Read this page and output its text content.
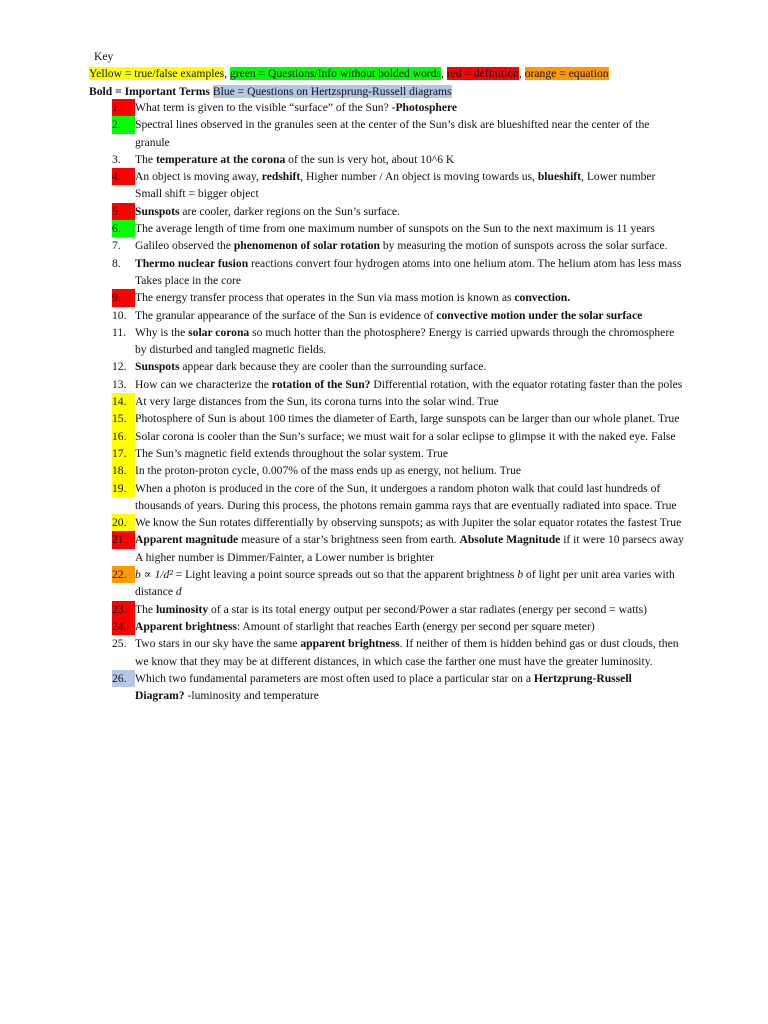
Key
Yellow = true/false examples, green = Questions/Info without bolded words, red = definition, orange = equation
Bold = Important Terms Blue = Questions on Hertzsprung-Russell diagrams
1.	What term is given to the visible “surface” of the Sun? -Photosphere
2.	Spectral lines observed in the granules seen at the center of the Sun’s disk are blueshifted near the center of the granule
3.	The temperature at the corona of the sun is very hot, about 10^6 K
4.	An object is moving away, redshift, Higher number / An object is moving towards us, blueshift, Lower number
Small shift = bigger object
5.	Sunspots are cooler, darker regions on the Sun’s surface.
6.	The average length of time from one maximum number of sunspots on the Sun to the next maximum is 11 years
7.	Galileo observed the phenomenon of solar rotation by measuring the motion of sunspots across the solar surface.
8.	Thermo nuclear fusion reactions convert four hydrogen atoms into one helium atom. The helium atom has less mass
Takes place in the core
9.	The energy transfer process that operates in the Sun via mass motion is known as convection.
10. The granular appearance of the surface of the Sun is evidence of convective motion under the solar surface
11. Why is the solar corona so much hotter than the photosphere? Energy is carried upwards through the chromosphere by disturbed and tangled magnetic fields.
12. Sunspots appear dark because they are cooler than the surrounding surface.
13. How can we characterize the rotation of the Sun? Differential rotation, with the equator rotating faster than the poles
14. At very large distances from the Sun, its corona turns into the solar wind. True
15. Photosphere of Sun is about 100 times the diameter of Earth, large sunspots can be larger than our whole planet. True
16. Solar corona is cooler than the Sun’s surface; we must wait for a solar eclipse to glimpse it with the naked eye. False
17. The Sun’s magnetic field extends throughout the solar system. True
18. In the proton-proton cycle, 0.007% of the mass ends up as energy, not helium. True
19. When a photon is produced in the core of the Sun, it undergoes a random photon walk that could last hundreds of thousands of years. During this process, the photons remain gamma rays that are eventually radiated into space. True
20. We know the Sun rotates differentially by observing sunspots; as with Jupiter the solar equator rotates the fastest True
21. Apparent magnitude measure of a star’s brightness seen from earth. Absolute Magnitude if it were 10 parsecs away
A higher number is Dimmer/Fainter, a Lower number is brighter
22. b ∝ 1/d² = Light leaving a point source spreads out so that the apparent brightness b of light per unit area varies with distance d
23. The luminosity of a star is its total energy output per second/Power a star radiates (energy per second = watts)
24. Apparent brightness: Amount of starlight that reaches Earth (energy per second per square meter)
25. Two stars in our sky have the same apparent brightness. If neither of them is hidden behind gas or dust clouds, then we know that they may be at different distances, in which case the farther one must have the greater luminosity.
26. Which two fundamental parameters are most often used to place a particular star on a Hertzprung-Russell Diagram? -luminosity and temperature
